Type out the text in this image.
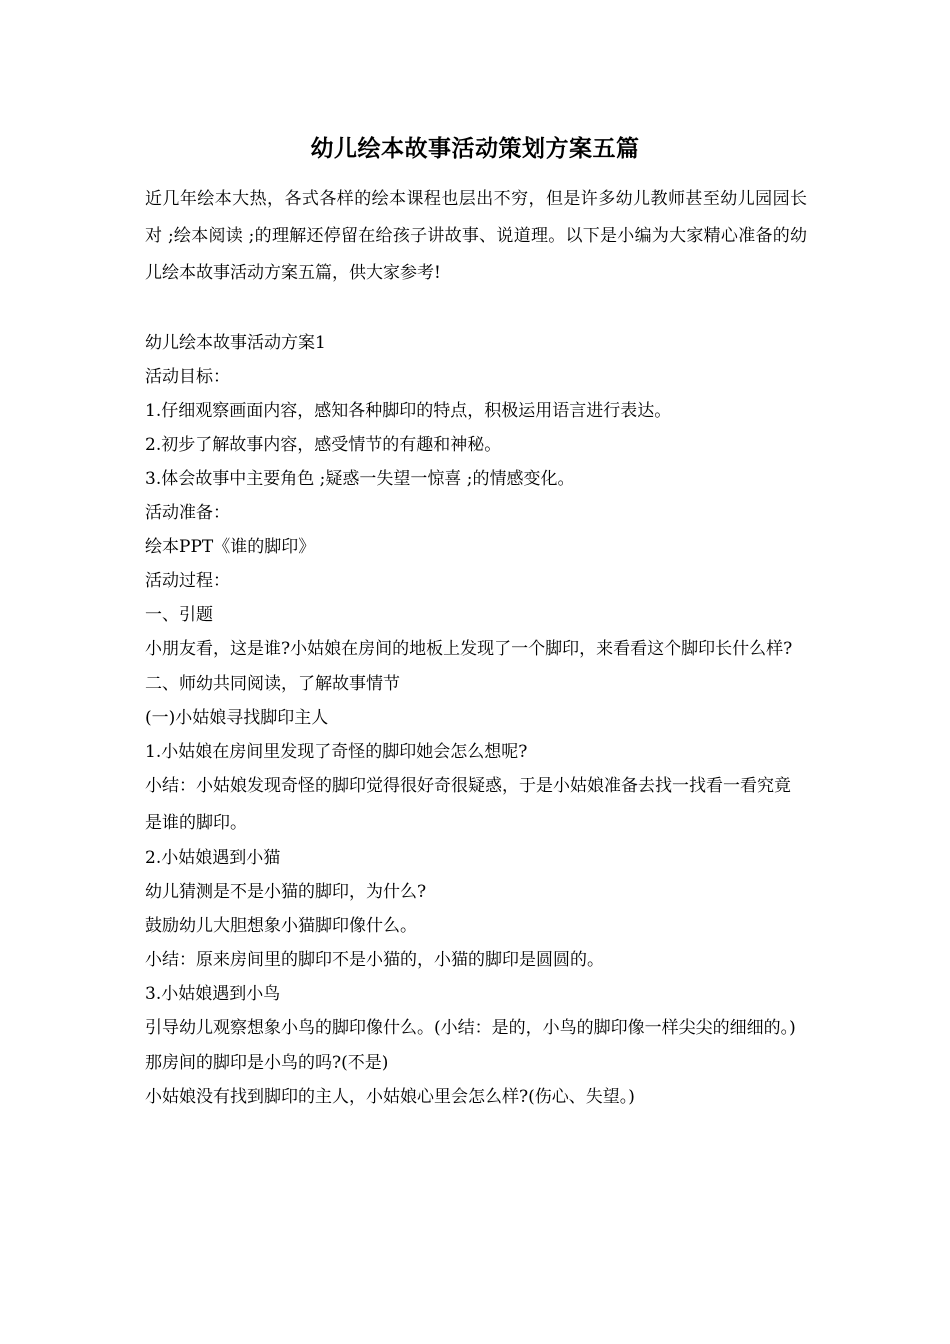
幼儿绘本故事活动策划方案五篇

近几年绘本大热，各式各样的绘本课程也层出不穷，但是许多幼儿教师甚至幼儿园园长对 ;绘本阅读 ;的理解还停留在给孩子讲故事、说道理。以下是小编为大家精心准备的幼儿绘本故事活动方案五篇，供大家参考!

幼儿绘本故事活动方案1

活动目标：

1.仔细观察画面内容，感知各种脚印的特点，积极运用语言进行表达。

2.初步了解故事内容，感受情节的有趣和神秘。

3.体会故事中主要角色 ;疑惑一失望一惊喜 ;的情感变化。

活动准备：

绘本PPT《谁的脚印》

活动过程：

一、引题

小朋友看，这是谁?小姑娘在房间的地板上发现了一个脚印，来看看这个脚印长什么样?

二、师幼共同阅读，了解故事情节

(一)小姑娘寻找脚印主人

1.小姑娘在房间里发现了奇怪的脚印她会怎么想呢?

小结：小姑娘发现奇怪的脚印觉得很好奇很疑惑，于是小姑娘准备去找一找看一看究竟是谁的脚印。

2.小姑娘遇到小猫

幼儿猜测是不是小猫的脚印，为什么?

鼓励幼儿大胆想象小猫脚印像什么。

小结：原来房间里的脚印不是小猫的，小猫的脚印是圆圆的。

3.小姑娘遇到小鸟

引导幼儿观察想象小鸟的脚印像什么。(小结：是的，小鸟的脚印像一样尖尖的细细的。)

那房间的脚印是小鸟的吗?(不是)

小姑娘没有找到脚印的主人，小姑娘心里会怎么样?(伤心、失望。)
